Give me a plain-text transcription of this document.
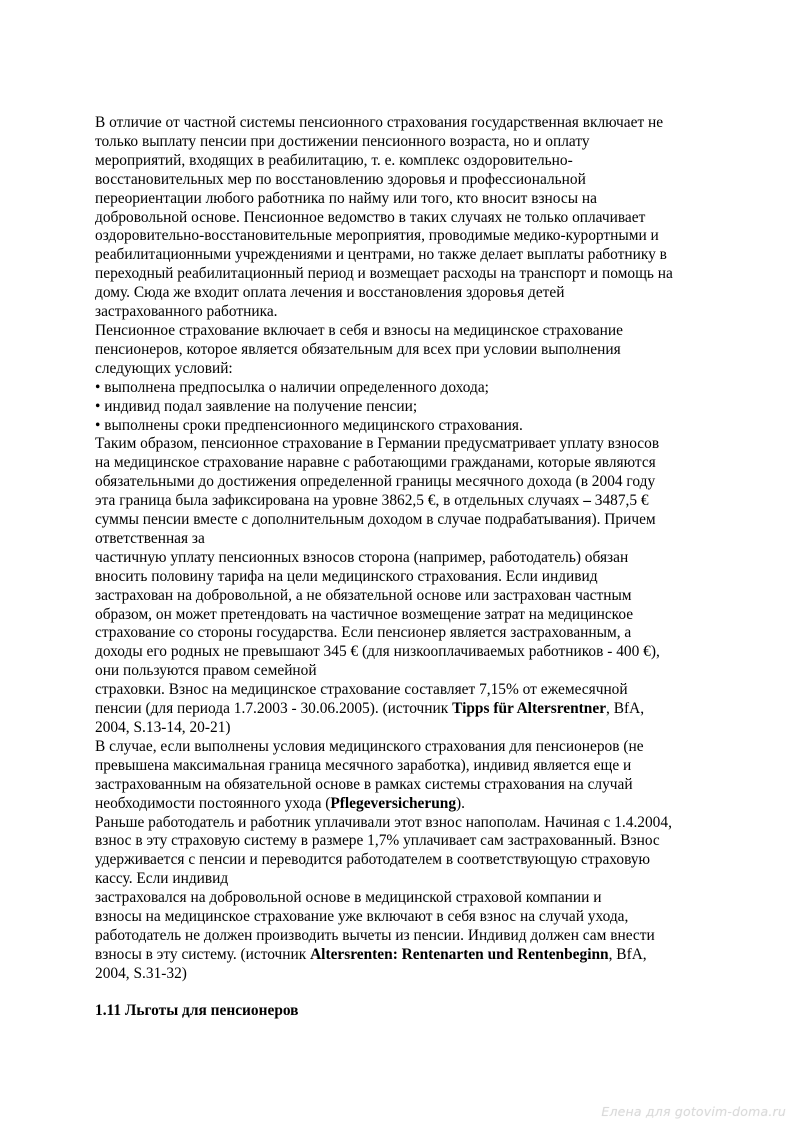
В отличие от частной системы пенсионного страхования государственная включает не
только выплату пенсии при достижении пенсионного возраста, но и оплату
мероприятий, входящих в реабилитацию, т. е. комплекс оздоровительно-
восстановительных мер по восстановлению здоровья и профессиональной
переориентации любого работника по найму или того, кто вносит взносы на
добровольной основе. Пенсионное ведомство в таких случаях не только оплачивает
оздоровительно-восстановительные мероприятия, проводимые медико-курортными и
реабилитационными учреждениями и центрами, но также делает выплаты работнику в
переходный реабилитационный период и возмещает расходы на транспорт и помощь на
дому. Сюда же входит оплата лечения и восстановления здоровья детей
застрахованного работника.
Пенсионное страхование включает в себя и взносы на медицинское страхование
пенсионеров, которое является обязательным для всех при условии выполнения
следующих условий:
• выполнена предпосылка о наличии определенного дохода;
• индивид подал заявление на получение пенсии;
• выполнены сроки предпенсионного медицинского страхования.
Таким образом, пенсионное страхование в Германии предусматривает уплату взносов
на медицинское страхование наравне с работающими гражданами, которые являются
обязательными до достижения определенной границы месячного дохода (в 2004 году
эта граница была зафиксирована на уровне 3862,5 €, в отдельных случаях – 3487,5 €
суммы пенсии вместе с дополнительным доходом в случае подрабатывания). Причем
ответственная за
частичную уплату пенсионных взносов сторона (например, работодатель) обязан
вносить половину тарифа на цели медицинского страхования. Если индивид
застрахован на добровольной, а не обязательной основе или застрахован частным
образом, он может претендовать на частичное возмещение затрат на медицинское
страхование со стороны государства. Если пенсионер является застрахованным, а
доходы его родных не превышают 345 € (для низкооплачиваемых работников - 400 €),
они пользуются правом семейной
страховки. Взнос на медицинское страхование составляет 7,15% от ежемесячной
пенсии (для периода 1.7.2003 - 30.06.2005). (источник Tipps für Altersrentner, BfA,
2004, S.13-14, 20-21)
В случае, если выполнены условия медицинского страхования для пенсионеров (не
превышена максимальная граница месячного заработка), индивид является еще и
застрахованным на обязательной основе в рамках системы страхования на случай
необходимости постоянного ухода (Pflegeversicherung).
Раньше работодатель и работник уплачивали этот взнос напополам. Начиная с 1.4.2004,
взнос в эту страховую систему в размере 1,7% уплачивает сам застрахованный. Взнос
удерживается с пенсии и переводится работодателем в соответствующую страховую
кассу. Если индивид
застраховался на добровольной основе в медицинской страховой компании и
взносы на медицинское страхование уже включают в себя взнос на случай ухода,
работодатель не должен производить вычеты из пенсии. Индивид должен сам внести
взносы в эту систему. (источник Altersrenten: Rentenarten und Rentenbeginn, BfA,
2004, S.31-32)
1.11 Льготы для пенсионеров
Елена для gotovim-doma.ru
